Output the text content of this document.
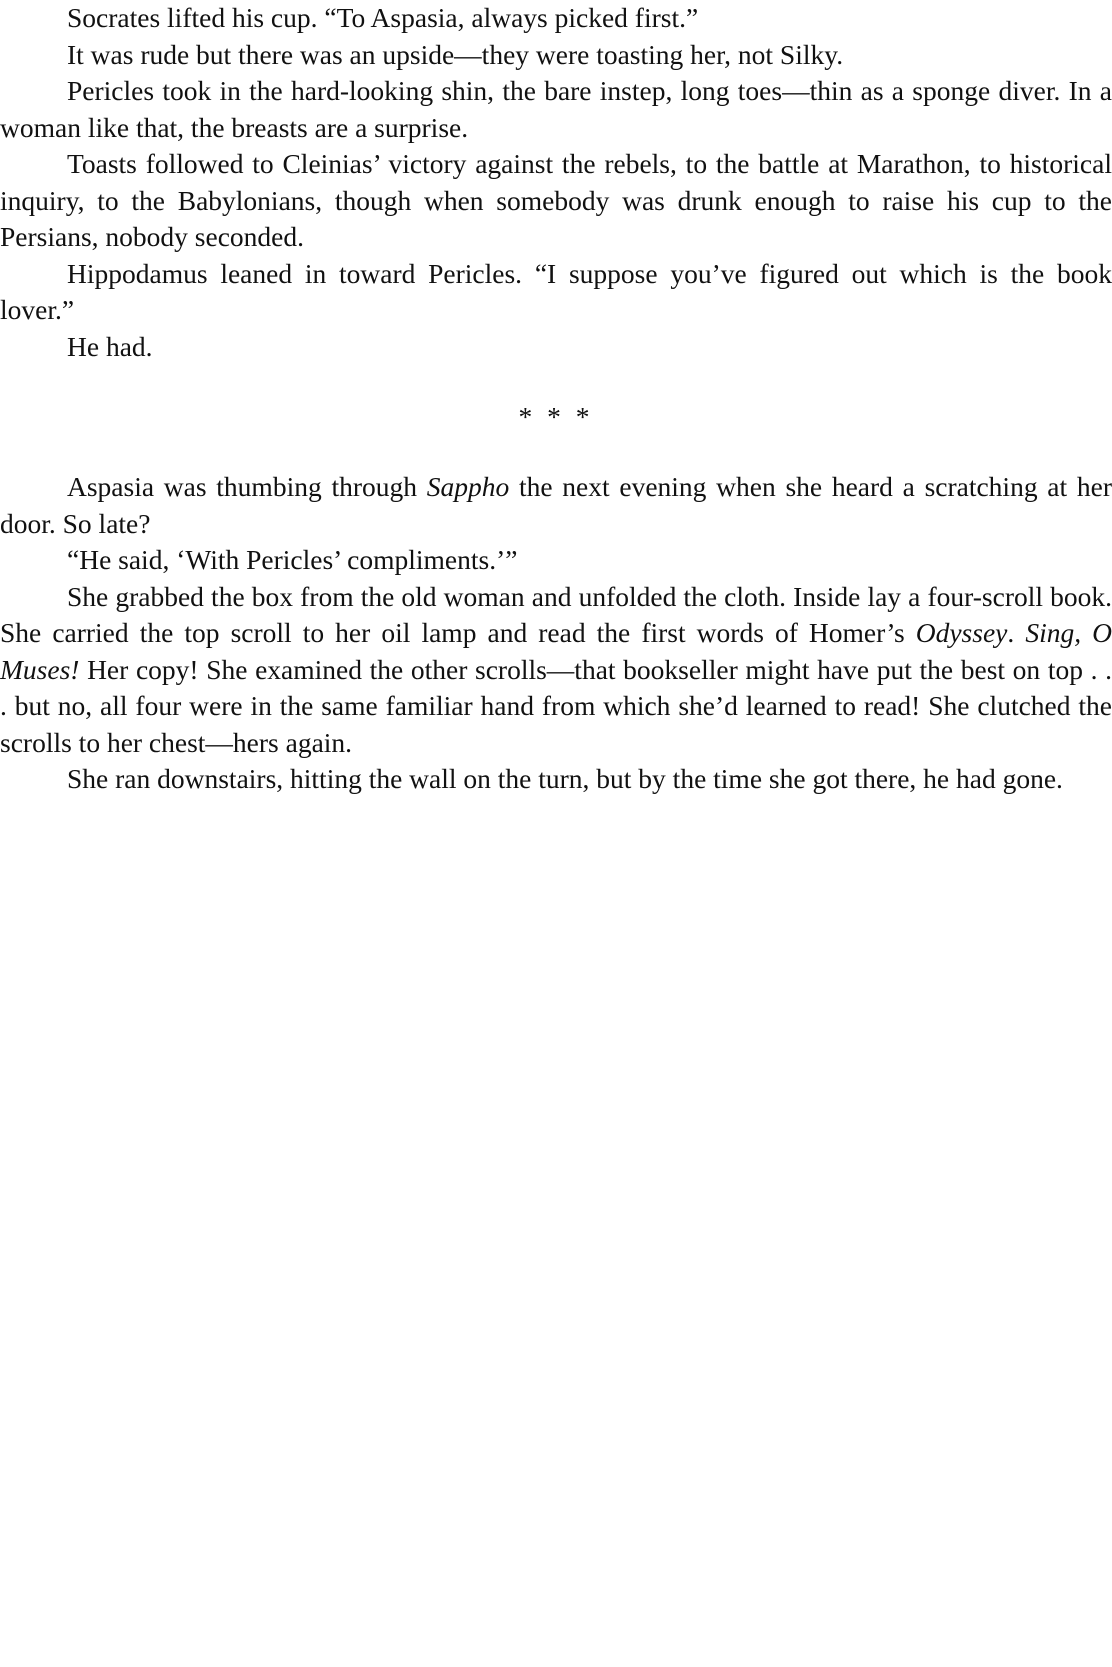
Socrates lifted his cup. “To Aspasia, always picked first.”

It was rude but there was an upside—they were toasting her, not Silky.

Pericles took in the hard-looking shin, the bare instep, long toes—thin as a sponge diver. In a woman like that, the breasts are a surprise.

Toasts followed to Cleinias’ victory against the rebels, to the battle at Marathon, to historical inquiry, to the Babylonians, though when somebody was drunk enough to raise his cup to the Persians, nobody seconded.

Hippodamus leaned in toward Pericles. “I suppose you’ve figured out which is the book lover.”

He had.

* * *

Aspasia was thumbing through Sappho the next evening when she heard a scratching at her door. So late?

“He said, ‘With Pericles’ compliments.’”

She grabbed the box from the old woman and unfolded the cloth. Inside lay a four-scroll book. She carried the top scroll to her oil lamp and read the first words of Homer’s Odyssey. Sing, O Muses! Her copy! She examined the other scrolls—that bookseller might have put the best on top . . . but no, all four were in the same familiar hand from which she’d learned to read! She clutched the scrolls to her chest—hers again.

She ran downstairs, hitting the wall on the turn, but by the time she got there, he had gone.
